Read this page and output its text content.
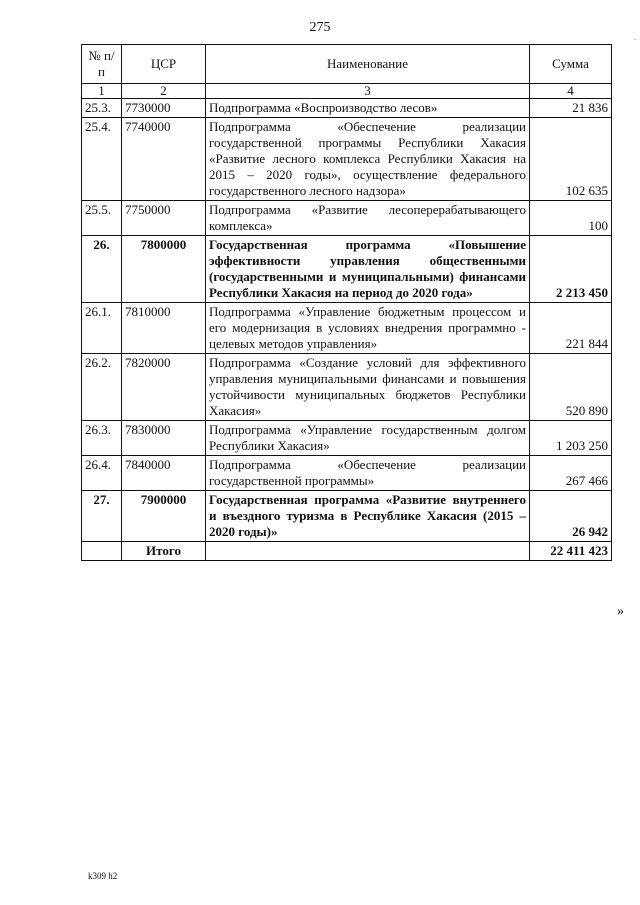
275
·
№ п/п	ЦСР	Наименование	Сумма
1	2	3	4
25.3.	7730000	Подпрограмма «Воспроизводство лесов»	21 836
25.4.	7740000	Подпрограмма «Обеспечение реализации государственной программы Республики Хакасия «Развитие лесного комплекса Республики Хакасия на 2015 – 2020 годы», осуществление федерального государственного лесного надзора»	102 635
25.5.	7750000	Подпрограмма «Развитие лесоперерабатывающего комплекса»	100
26.	7800000	Государственная программа «Повышение эффективности управления общественными (государственными и муниципальными) финансами Республики Хакасия на период до 2020 года»	2 213 450
26.1.	7810000	Подпрограмма «Управление бюджетным процессом и его модернизация в условиях внедрения программно - целевых методов управления»	221 844
26.2.	7820000	Подпрограмма «Создание условий для эффективного управления муниципальными финансами и повышения устойчивости муниципальных бюджетов Республики Хакасия»	520 890
26.3.	7830000	Подпрограмма «Управление государственным долгом Республики Хакасия»	1 203 250
26.4.	7840000	Подпрограмма «Обеспечение реализации государственной программы»	267 466
27.	7900000	Государственная программа «Развитие внутреннего и въездного туризма в Республике Хакасия (2015 – 2020 годы)»	26 942
	Итого		22 411 423
»
k309 h2
